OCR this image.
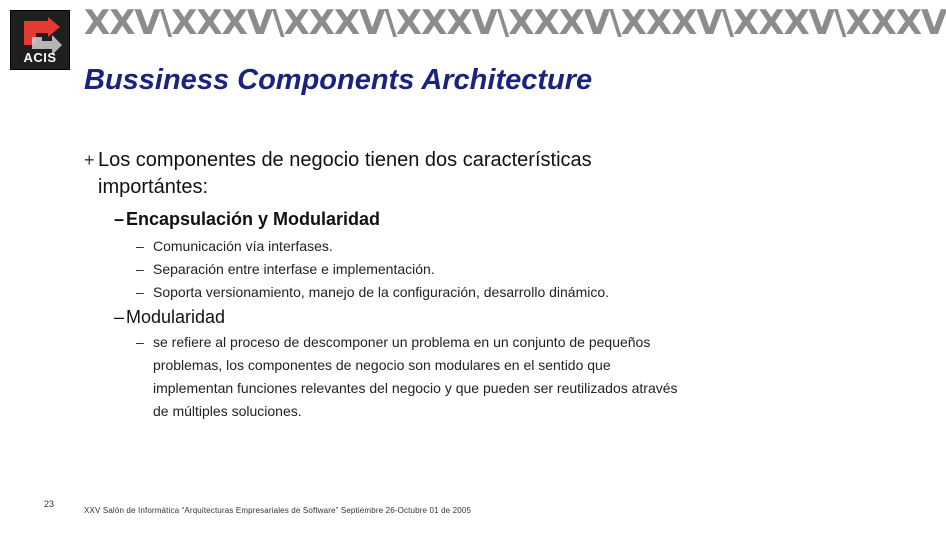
ACIS
XXV\XXXV\XXXV\XXXV\XXXV\XXXV\XXXV\XXXV
Bussiness Components Architecture
+ Los componentes de negocio tienen dos características importántes:
– Encapsulación y Modularidad
– Comunicación vía interfases.
– Separación entre interfase e implementación.
– Soporta versionamiento, manejo de la configuración, desarrollo dinámico.
– Modularidad
– se refiere al proceso de descomponer un problema en un conjunto de pequeños problemas, los componentes de negocio son modulares en el sentido que implementan funciones relevantes del negocio y que pueden ser reutilizados através de múltiples soluciones.
23
XXV Salón de Informática “Arquitecturas Empresariales de Software” Septiembre 26-Octubre 01 de 2005
